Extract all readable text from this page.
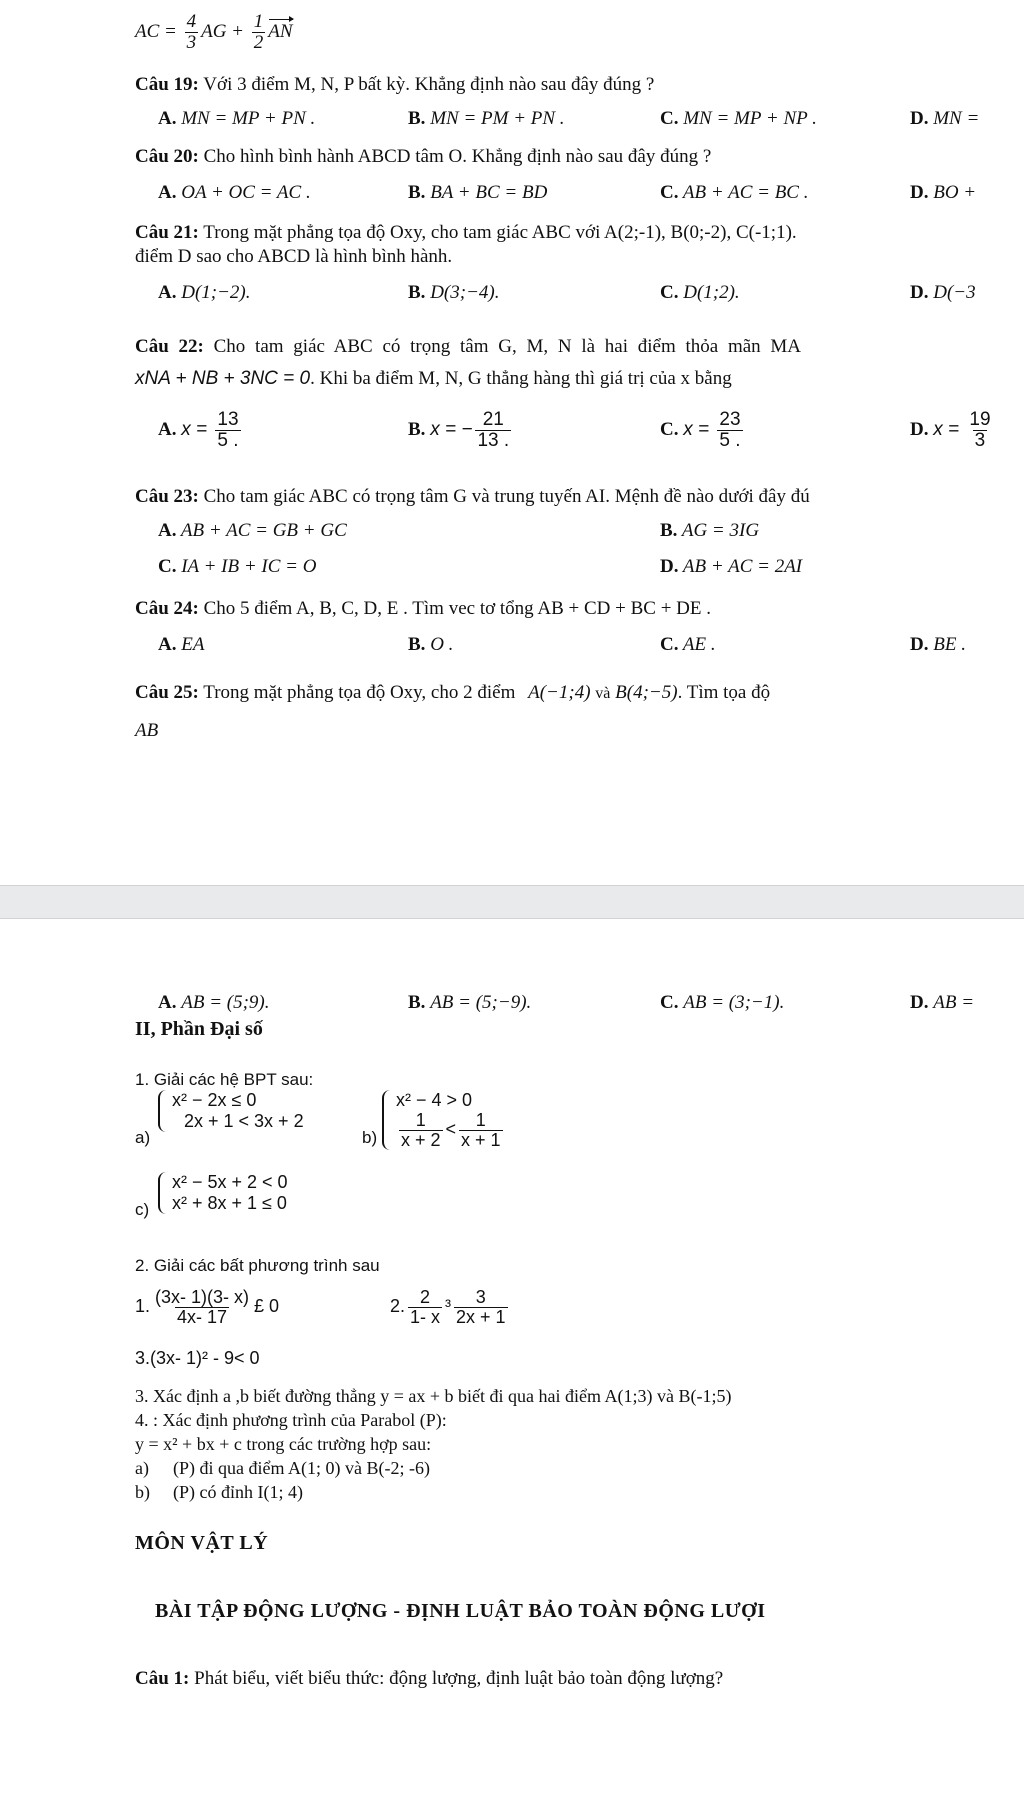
AC = $\frac{4}{3}$ AG + $\frac{1}{2}$ AN
Câu 19: Với 3 điểm M, N, P bất kỳ. Khẳng định nào sau đây đúng ?
A. MN = MP + PN .	B. MN = PM + PN .	C. MN = MP + NP .	D. MN =
Câu 20: Cho hình bình hành ABCD tâm O. Khẳng định nào sau đây đúng ?
A. OA + OC = AC .	B. BA + BC = BD	C. AB + AC = BC .	D. BO +
Câu 21: Trong mặt phẳng tọa độ Oxy, cho tam giác ABC với A(2;-1), B(0;-2), C(-1;1).
điểm D sao cho ABCD là hình bình hành.
A. D(1;−2).	B. D(3;−4).	C. D(1;2).	D. D(−3
Câu 22: Cho tam giác ABC có trọng tâm G, M, N là hai điểm thỏa mãn MA
xNA + NB + 3NC = 0. Khi ba điểm M, N, G thẳng hàng thì giá trị của x bằng
A. $x = \frac{13}{5 .}$	B. x = − $\frac{21}{13 .}$	C. $x = \frac{23}{5 .}$	D. $x = \frac{19}{3}$
Câu 23: Cho tam giác ABC có trọng tâm G và trung tuyến AI. Mệnh đề nào dưới đây đú
A. AB + AC = GB + GC	B. AG = 3IG
C. IA + IB + IC = O	D. AB + AC = 2AI
Câu 24: Cho 5 điểm A, B, C, D, E . Tìm vec tơ tổng AB + CD + BC + DE .
A. EA	B. O .	C. AE .	D. BE .
Câu 25: Trong mặt phẳng tọa độ Oxy, cho 2 điểm A(−1;4) và B(4;−5). Tìm tọa độ
AB
A. AB = (5;9).	B. AB = (5;−9).	C. AB = (3;−1).	D. AB =
II, Phần Đại số
1. Giải các hệ BPT sau:
a)
x² − 2x ≤ 0
2x + 1 < 3x + 2
b)
x² − 4 > 0
$\frac{1}{x + 2} < \frac{1}{x + 1}$
c)
x² − 5x + 2 < 0
x² + 8x + 1 ≤ 0
2. Giải các bất phương trình sau
1. $\frac{(3x- 1)(3- x)}{4x- 17}$ £ 0	2. $\frac{2}{1- x} ^3 \frac{3}{2x + 1}$
3.(3x- 1)² - 9< 0
3. Xác định a ,b biết đường thẳng y = ax + b biết đi qua hai điểm A(1;3) và B(-1;5)
4. : Xác định phương trình của Parabol (P):
y = x² + bx + c trong các trường hợp sau:
a) (P) đi qua điểm A(1; 0) và B(-2; -6)
b) (P) có đỉnh I(1; 4)
MÔN VẬT LÝ
BÀI TẬP ĐỘNG LƯỢNG - ĐỊNH LUẬT BẢO TOÀN ĐỘNG LƯỢI
Câu 1: Phát biểu, viết biểu thức: động lượng, định luật bảo toàn động lượng?
